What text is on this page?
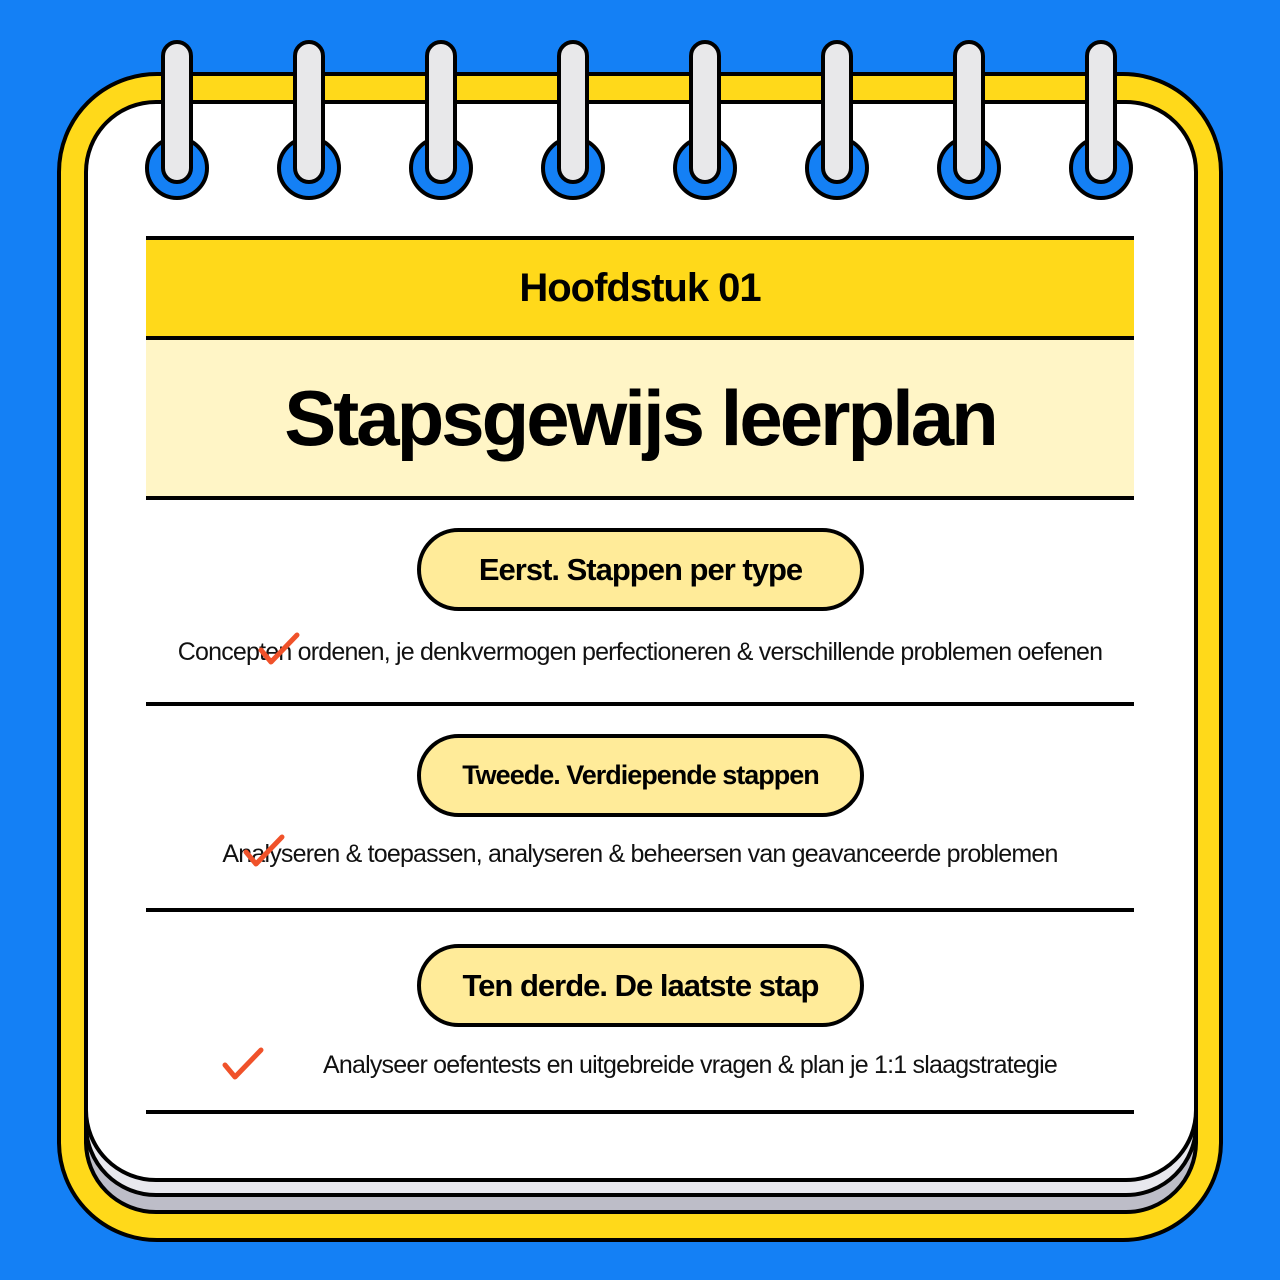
Hoofdstuk 01
Stapsgewijs leerplan
Eerst. Stappen per type
Concepten ordenen, je denkvermogen perfectioneren & verschillende problemen oefenen
Tweede. Verdiepende stappen
Analyseren & toepassen, analyseren & beheersen van geavanceerde problemen
Ten derde. De laatste stap
Analyseer oefentests en uitgebreide vragen & plan je 1:1 slaagstrategie
